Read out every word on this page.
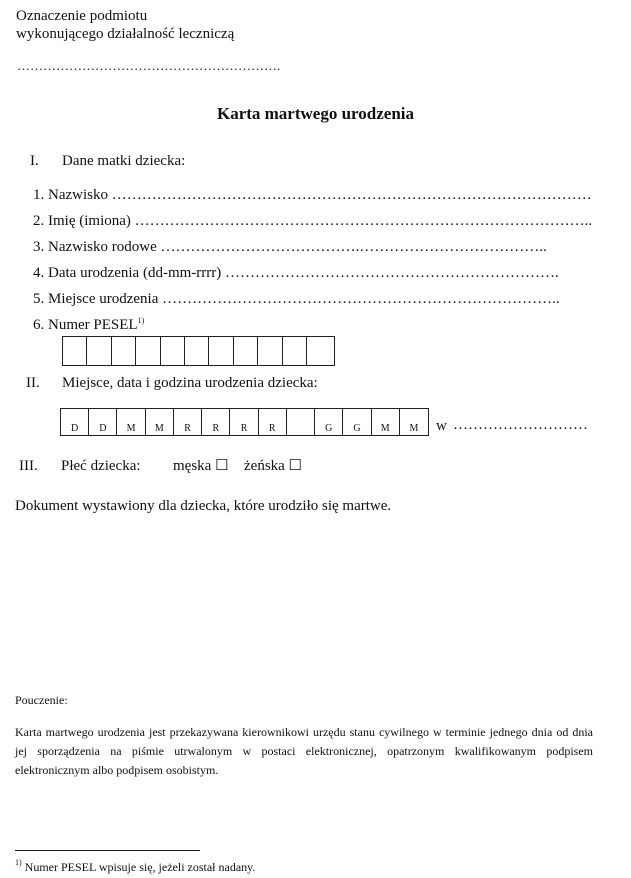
Oznaczenie podmiotu
wykonującego działalność leczniczą
…………………………………………………….
Karta martwego urodzenia
I. Dane matki dziecka:
1. Nazwisko ……………………………………………………………………………………
2. Imię (imiona) ………………………………………………………………………………..
3. Nazwisko rodowe ………………………………….………………………………..
4. Data urodzenia (dd-mm-rrrr) ………………………………………………………….
5. Miejsce urodzenia ……………………………………………………………………..
6. Numer PESEL$^{1)}$
II. Miejsce, data i godzina urodzenia dziecka:
D	D	M	M	R	R	R	R	G	G	M	M	w ………………………
III. Płeć dziecka: męska ☐ żeńska ☐
Dokument wystawiony dla dziecka, które urodziło się martwe.
Pouczenie:
Karta martwego urodzenia jest przekazywana kierownikowi urzędu stanu cywilnego w terminie jednego dnia od dnia jej sporządzenia na piśmie utrwalonym w postaci elektronicznej, opatrzonym kwalifikowanym podpisem elektronicznym albo podpisem osobistym.
$^{1)}$ Numer PESEL wpisuje się, jeżeli został nadany.
